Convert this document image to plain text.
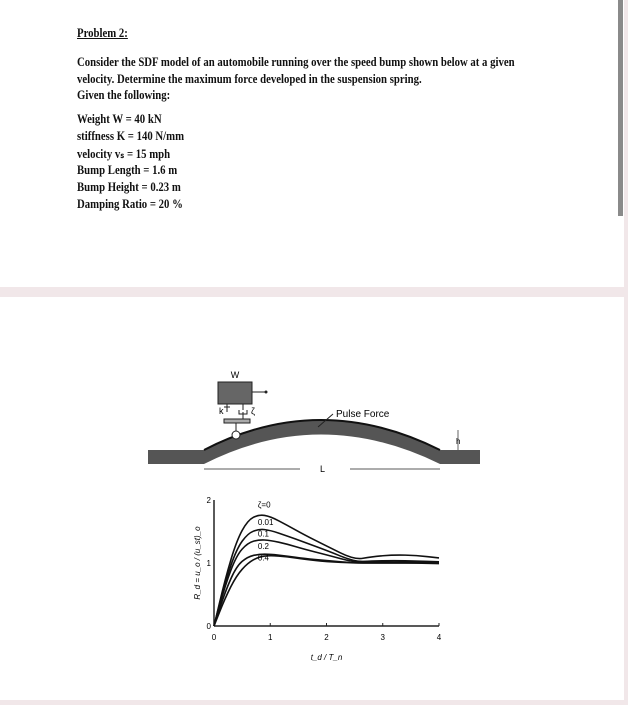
Problem 2:
Consider the SDF model of an automobile running over the speed bump shown below at a given
velocity. Determine the maximum force developed in the suspension spring.
Given the following:
Weight W = 40 kN
stiffness K = 140 N/mm
velocity vₛ = 15 mph
Bump Length = 1.6 m
Bump Height = 0.23 m
Damping Ratio = 20 %
W
k	ζ	Pulse Force
h
L
0	1	2	3	4
0
1
2
t_d / T_n
R_d = u_o / (u_st)_o
ζ=0
0.01
0.1
0.2
0.4
